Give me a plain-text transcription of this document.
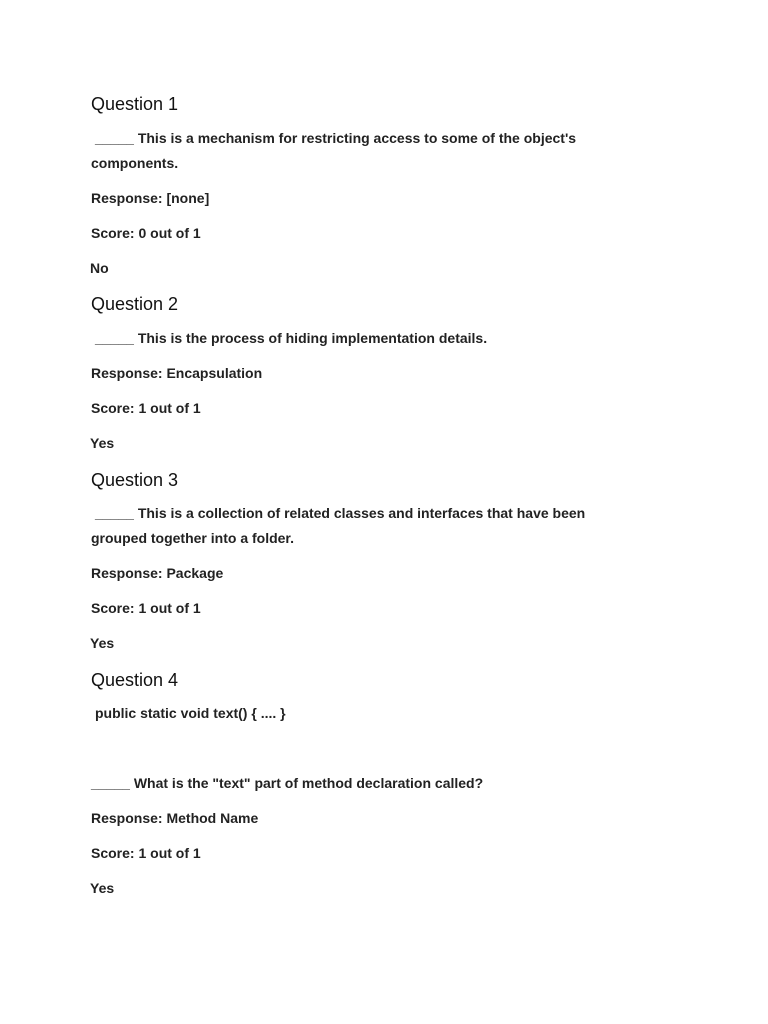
Question 1

_____ This is a mechanism for restricting access to some of the object's

components.

Response: [none]

Score: 0 out of 1

No

Question 2

_____ This is the process of hiding implementation details.

Response: Encapsulation

Score: 1 out of 1

Yes

Question 3

_____ This is a collection of related classes and interfaces that have been

grouped together into a folder.

Response: Package

Score: 1 out of 1

Yes

Question 4

public static void text() { .... }

_____ What is the "text" part of method declaration called?

Response: Method Name

Score: 1 out of 1

Yes
